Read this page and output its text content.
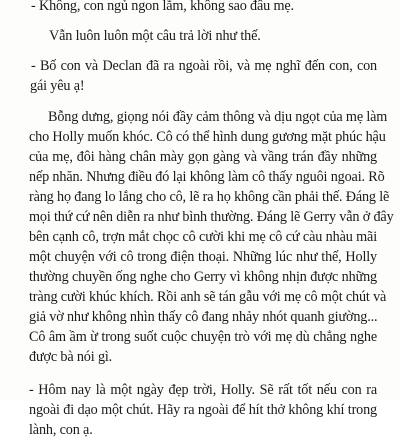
- Không, con ngủ ngon lắm, không sao đâu mẹ.
Vẫn luôn luôn một câu trả lời như thế.
- Bố con và Declan đã ra ngoài rồi, và mẹ nghĩ đến con, con
gái yêu ạ!
Bỗng dưng, giọng nói đầy cảm thông và dịu ngọt của mẹ làm
cho Holly muốn khóc. Cô có thể hình dung gương mặt phúc hậu
của mẹ, đôi hàng chân mày gọn gàng và vầng trán đầy những
nếp nhăn. Nhưng điều đó lại không làm cô thấy nguôi ngoai. Rõ
ràng họ đang lo lắng cho cô, lẽ ra họ không cần phải thế. Đáng lẽ
mọi thứ cứ nên diễn ra như bình thường. Đáng lẽ Gerry vẫn ở đây
bên cạnh cô, trợn mắt chọc cô cười khi mẹ cô cứ càu nhàu mãi
một chuyện với cô trong điện thoại. Những lúc như thế, Holly
thường chuyền ống nghe cho Gerry vì không nhịn được những
tràng cười khúc khích. Rồi anh sẽ tán gẫu với mẹ cô một chút và
giả vờ như không nhìn thấy cô đang nhảy nhót quanh giường...
Cô âm ầm ừ trong suốt cuộc chuyện trò với mẹ dù chẳng nghe
được bà nói gì.
- Hôm nay là một ngày đẹp trời, Holly. Sẽ rất tốt nếu con ra
ngoài đi dạo một chút. Hãy ra ngoài để hít thở không khí trong
lành, con ạ.
